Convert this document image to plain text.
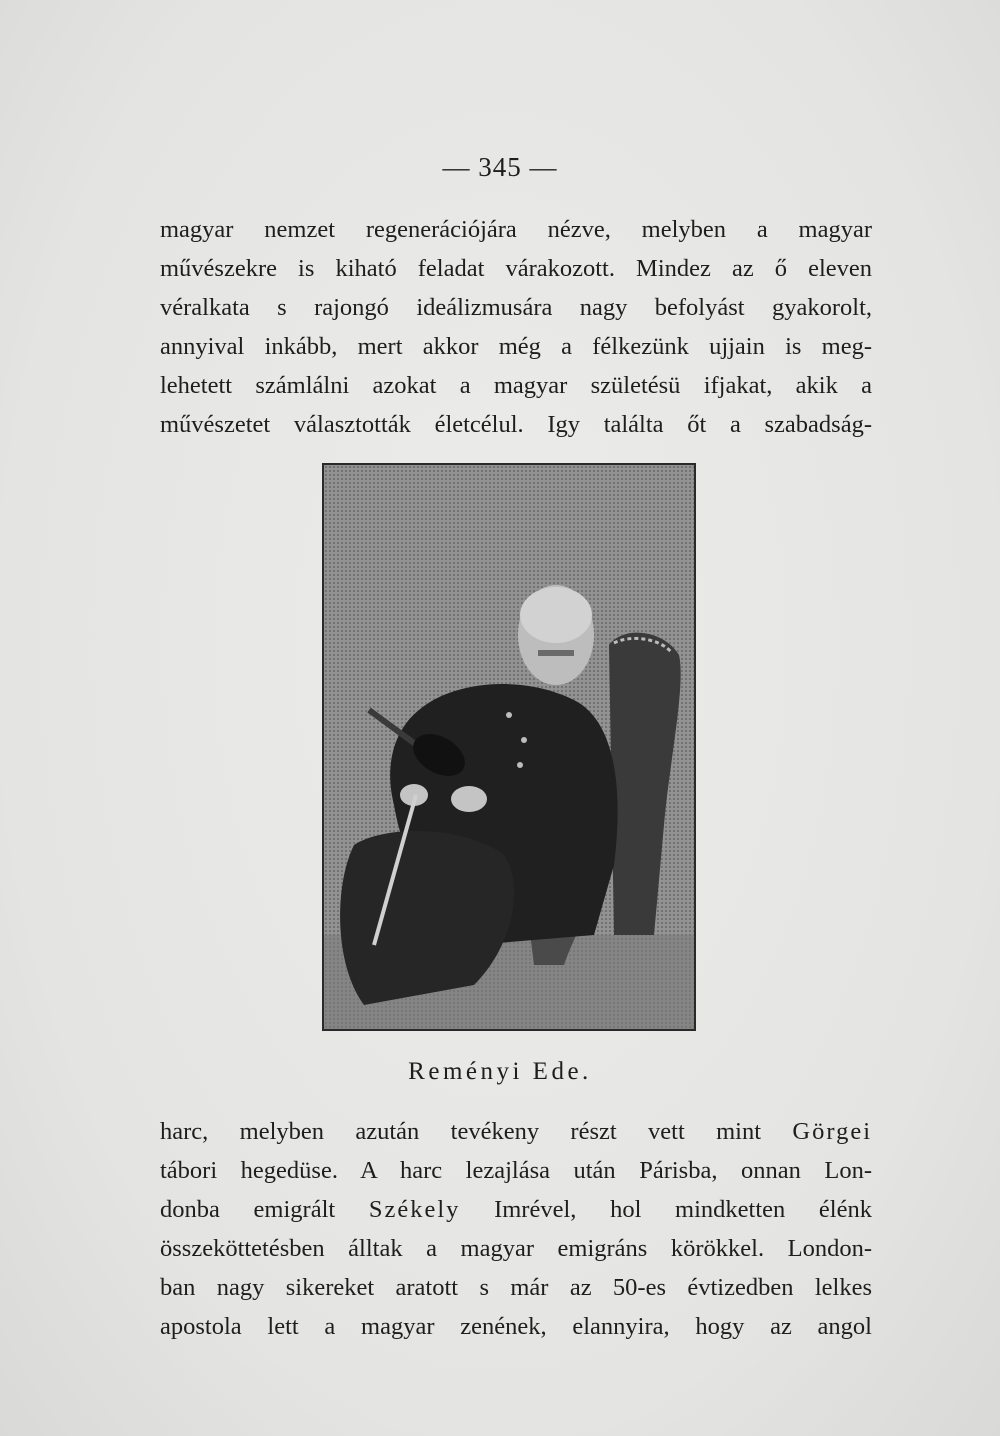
— 345 —
magyar nemzet regenerációjára nézve, melyben a magyar
művészekre is kiható feladat várakozott. Mindez az ő eleven
véralkata s rajongó ideálizmusára nagy befolyást gyakorolt,
annyival inkább, mert akkor még a félkezünk ujjain is meg-
lehetett számlálni azokat a magyar születésü ifjakat, akik a
művészetet választották életcélul. Igy találta őt a szabadság-
Reményi Ede.
harc, melyben azután tevékeny részt vett mint Görgei
tábori hegedüse. A harc lezajlása után Párisba, onnan Lon-
donba emigrált Székely Imrével, hol mindketten élénk
összeköttetésben álltak a magyar emigráns körökkel. London-
ban nagy sikereket aratott s már az 50-es évtizedben lelkes
apostola lett a magyar zenének, elannyira, hogy az angol
